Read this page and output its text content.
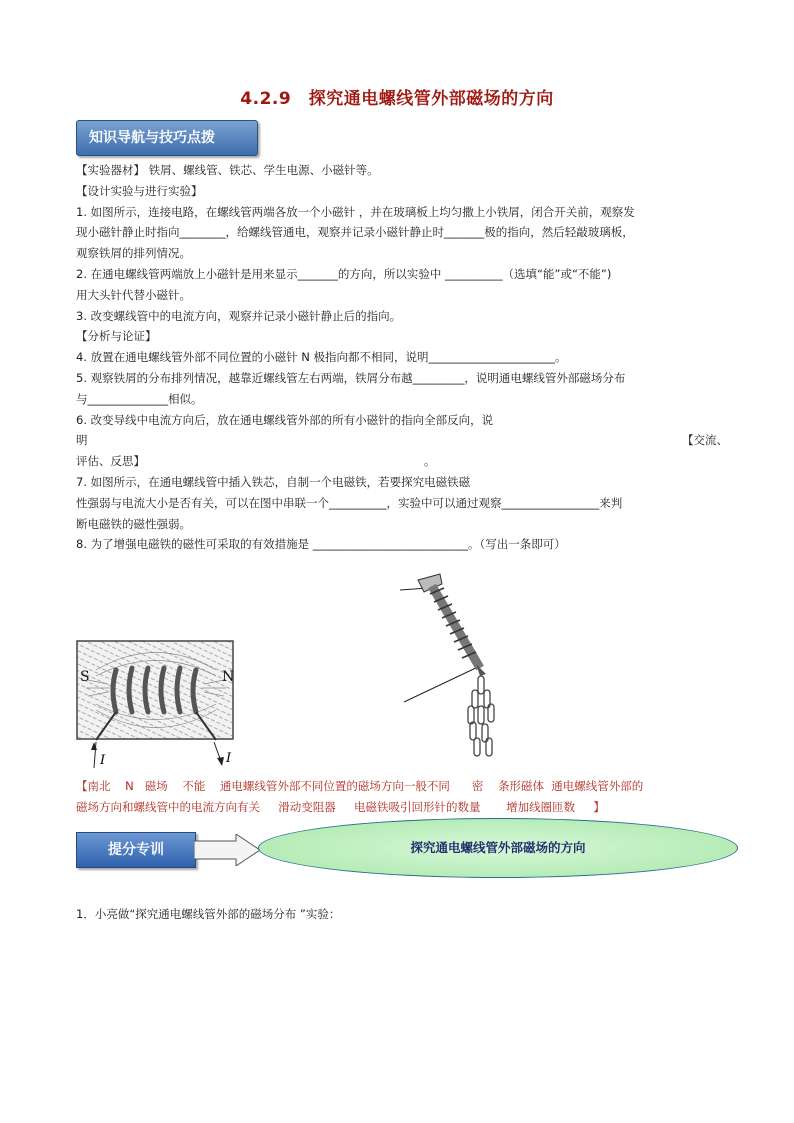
4.2.9　探究通电螺线管外部磁场的方向
知识导航与技巧点拨
【实验器材】 铁屑、螺线管、铁芯、学生电源、小磁针等。
【设计实验与进行实验】
1. 如图所示，连接电路，在螺线管两端各放一个小磁针 ，并在玻璃板上均匀撒上小铁屑，闭合开关前，观察发
现小磁针静止时指向________，给螺线管通电，观察并记录小磁针静止时_______极的指向，然后轻敲玻璃板，
观察铁屑的排列情况。
2. 在通电螺线管两端放上小磁针是用来显示_______的方向，所以实验中 __________（选填“能”或“不能”)
用大头针代替小磁针。
3. 改变螺线管中的电流方向，观察并记录小磁针静止后的指向。
【分析与论证】
4. 放置在通电螺线管外部不同位置的小磁针 N 极指向都不相同，说明______________________。
5. 观察铁屑的分布排列情况，越靠近螺线管左右两端，铁屑分布越_________，说明通电螺线管外部磁场分布
与______________相似。
6. 改变导线中电流方向后，放在通电螺线管外部的所有小磁针的指向全部反向，说
明	【交流、
评估、反思】	。
7. 如图所示，在通电螺线管中插入铁芯，自制一个电磁铁，若要探究电磁铁磁
性强弱与电流大小是否有关，可以在图中串联一个__________，实验中可以通过观察_________________来判
断电磁铁的磁性强弱。
8. 为了增强电磁铁的磁性可采取的有效措施是 ___________________________。（写出一条即可）
S	N
I	I
【南北    N   磁场    不能    通电螺线管外部不同位置的磁场方向一般不同      密    条形磁体  通电螺线管外部的
磁场方向和螺线管中的电流方向有关     滑动变阻器     电磁铁吸引回形针的数量       增加线圈匝数     】
提分专训	探究通电螺线管外部磁场的方向
1．小亮做“探究通电螺线管外部的磁场分布 ”实验：
